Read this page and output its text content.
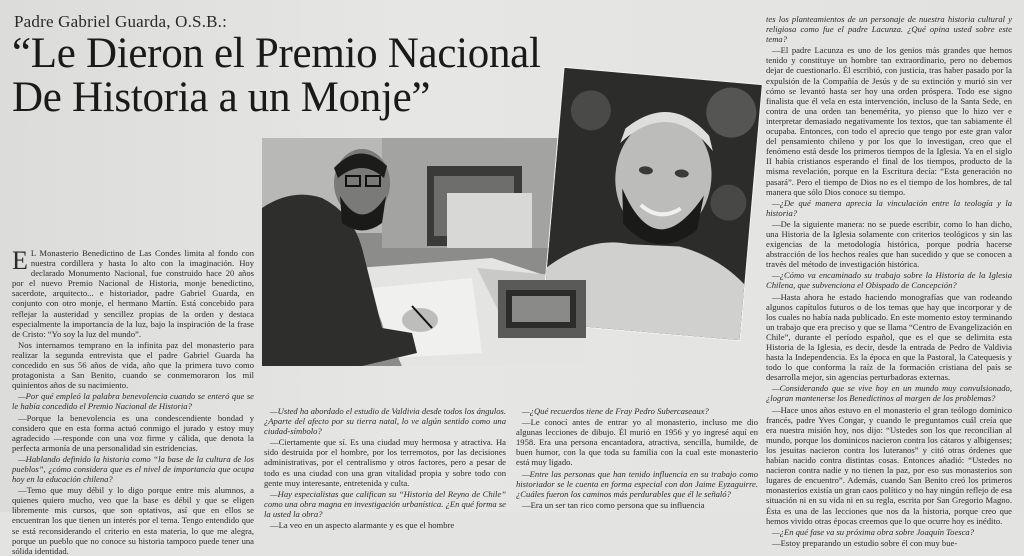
Padre Gabriel Guarda, O.S.B.:
“Le Dieron el Premio Nacional
De Historia a un Monje”

E L Monasterio Benedictino de Las Condes limita al fondo con nuestra cordillera y hasta lo alto con la imaginación. Hoy declarado Monumento Nacional, fue construido hace 20 años por el nuevo Premio Nacional de Historia, monje benedictino, sacerdote, arquitecto... e historiador, padre Gabriel Guarda, en conjunto con otro monje, el hermano Martín. Está concebido para reflejar la austeridad y sencillez propias de la orden y destaca especialmente la importancia de la luz, bajo la inspiración de la frase de Cristo: “Yo soy la luz del mundo”.

Nos internamos temprano en la infinita paz del monasterio para realizar la segunda entrevista que el padre Gabriel Guarda ha concedido en sus 56 años de vida, año que la primera tuvo como protagonista a San Benito, cuando se conmemoraron los mil quinientos años de su nacimiento.

—Por qué empleó la palabra benevolencia cuando se enteró que se le había concedido el Premio Nacional de Historia?

—Porque la benevolencia es una condescendiente bondad y considero que en esta forma actuó conmigo el jurado y estoy muy agradecido —responde con una voz firme y cálida, que denota la perfecta armonía de una personalidad sin estridencias.

—Hablando definido la historia como “la base de la cultura de los pueblos”, ¿cómo considera que es el nivel de importancia que ocupa hoy en la educación chilena?

—Temo que muy débil y lo digo porque entre mis alumnos, a quienes quiero mucho, veo que la base es débil y que se eligen libremente mis cursos, que son optativos, así que en ellos se encuentran los que tienen un interés por el tema. Tengo entendido que se está reconsiderando el criterio en esta materia, lo que me alegra, porque un pueblo que no conoce su historia tampoco puede tener una sólida identidad.

—Usted ha abordado el estudio de Valdivia desde todos los ángulos. ¿Aparte del afecto por su tierra natal, lo ve algún sentido como una ciudad-símbolo?

—Ciertamente que sí. Es una ciudad muy hermosa y atractiva. Ha sido destruida por el hombre, por los terremotos, por las decisiones administrativas, por el centralismo y otros factores, pero a pesar de todo es una ciudad con una gran vitalidad propia y sobre todo con gente muy interesante, entretenida y culta.

—Hay especialistas que califican su “Historia del Reyno de Chile” como una obra magna en investigación urbanística. ¿En qué forma se la usted la obra?

—La veo en un aspecto alarmante y es que el hombre

—¿Qué recuerdos tiene de Fray Pedro Subercaseaux?

—Le conocí antes de entrar yo al monasterio, incluso me dio algunas lecciones de dibujo. Él murió en 1956 y yo ingresé aquí en 1958. Era una persona encantadora, atractiva, sencilla, humilde, de buen humor, con la que toda su familia con la cual este monasterio está muy ligado.

—Entre las personas que han tenido influencia en su trabajo como historiador se le cuenta en forma especial con don Jaime Eyzaguirre. ¿Cuáles fueron los caminos más perdurables que él le señaló?

—Era un ser tan rico como persona que su influencia

tes los planteamientos de un personaje de nuestra historia cultural y religiosa como fue el padre Lacunza. ¿Qué opina usted sobre este tema?

—El padre Lacunza es uno de los genios más grandes que hemos tenido y constituye un hombre tan extraordinario, pero no debemos dejar de cuestionarlo. Él escribió, con justicia, tras haber pasado por la expulsión de la Compañía de Jesús y de su extinción y murió sin ver cómo se levantó hasta ser hoy una orden próspera. Todo ese signo finalista que él vela en esta intervención, incluso de la Santa Sede, en contra de una orden tan benemérita, yo pienso que lo hizo ver e interpretar demasiado negativamente los textos, que tan sabiamente él ocupaba. Entonces, con todo el aprecio que tengo por este gran valor del pensamiento chileno y por los que lo investigan, creo que el fenómeno está desde los primeros tiempos de la Iglesia. Ya en el siglo II había cristianos esperando el final de los tiempos, producto de la misma revelación, porque en la Escritura decía: “Esta generación no pasará”. Pero el tiempo de Dios no es el tiempo de los hombres, de tal manera que sólo Dios conoce su tiempo.

—¿De qué manera aprecia la vinculación entre la teología y la historia?

—De la siguiente manera: no se puede escribir, como lo han dicho, una Historia de la Iglesia solamente con criterios teológicos y sin las exigencias de la metodología histórica, porque podría hacerse abstracción de los hechos reales que han sucedido y que se conocen a través del método de investigación histórica.

—¿Cómo va encaminado su trabajo sobre la Historia de la Iglesia Chilena, que subvenciona el Obispado de Concepción?

—Hasta ahora he estado haciendo monografías que van rodeando algunos capítulos futuros o de los temas que hay que incorporar y de los cuales no había nada publicado. En este momento estoy terminando un trabajo que era preciso y que se llama “Centro de Evangelización en Chile”, durante el período español, que es el que se delimita esta Historia de la Iglesia, es decir, desde la entrada de Pedro de Valdivia hasta la Independencia. Es la época en que la Pastoral, la Catequesis y todo lo que conforma la raíz de la formación cristiana del país se desarrolla mejor, sin agencias perturbadoras externas.

—Considerando que se vive hoy en un mundo muy convulsionado, ¿logran mantenerse los Benedictinos al margen de los problemas?

—Hace unos años estuvo en el monasterio el gran teólogo dominico francés, padre Yves Congar, y cuando le preguntamos cuál creía que era nuestra misión hoy, nos dijo: “Ustedes son los que reconcilian al mundo, porque los dominicos nacieron contra los cátaros y albigenses; los jesuitas nacieron contra los luteranos” y citó otras órdenes que habían nacido contra distintas cosas. Entonces añadió: “Ustedes no nacieron contra nadie y no tienen la paz, por eso sus monasterios son lugares de encuentro”. Además, cuando San Benito creó los primeros monasterios existía un gran caos político y no hay ningún reflejo de esa situación ni en su vida ni en su regla, escrita por San Gregorio Magno. Ésta es una de las lecciones que nos da la historia, porque creo que hemos vivido otras épocas creemos que lo que ocurre hoy es inédito.

—¿En qué fase va su próxima obra sobre Joaquín Toesca?

—Estoy preparando un estudio sobre él con muy bue-
